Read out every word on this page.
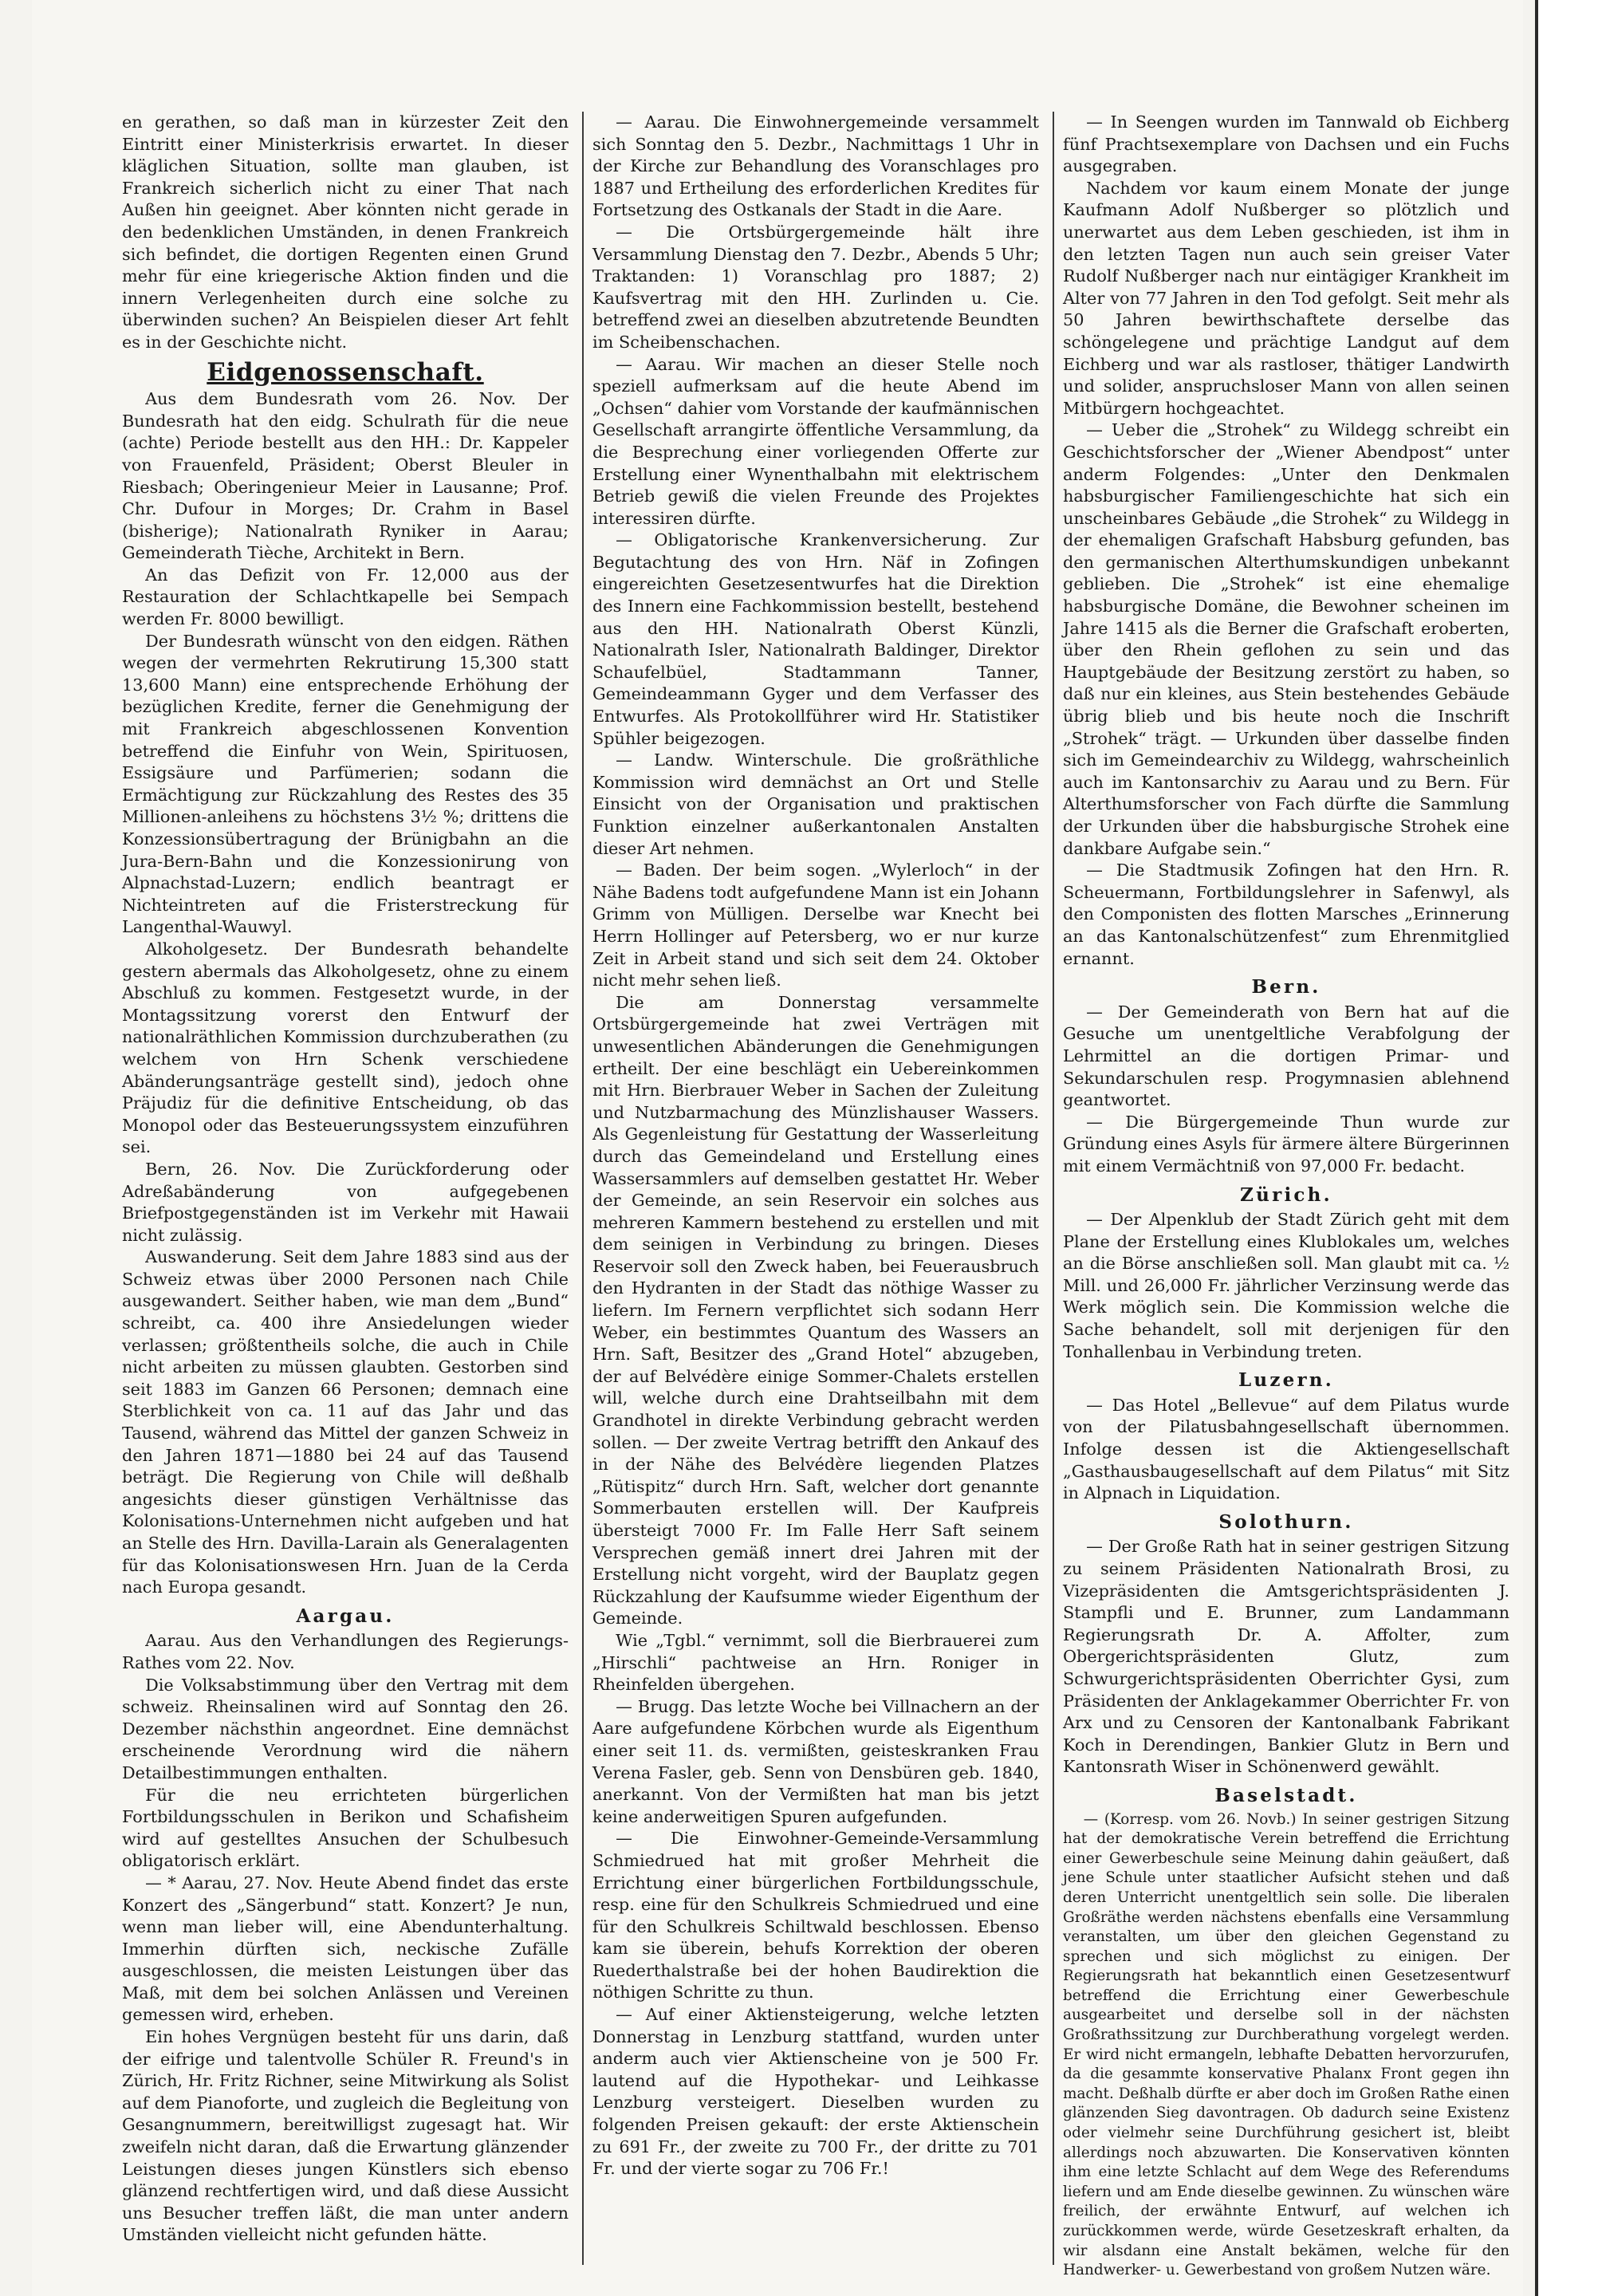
en gerathen, so daß man in kürzester Zeit den Eintritt einer Ministerkrisis erwartet. In dieser kläglichen Situation, sollte man glauben, ist Frankreich sicherlich nicht zu einer That nach Außen hin geeignet. Aber könnten nicht gerade in den bedenklichen Umständen, in denen Frankreich sich befindet, die dortigen Regenten einen Grund mehr für eine kriegerische Aktion finden und die innern Verlegenheiten durch eine solche zu überwinden suchen? An Beispielen dieser Art fehlt es in der Geschichte nicht.

Eidgenossenschaft.

Aus dem Bundesrath vom 26. Nov. Der Bundesrath hat den eidg. Schulrath für die neue (achte) Periode bestellt aus den HH.: Dr. Kappeler von Frauenfeld, Präsident; Oberst Bleuler in Riesbach; Oberingenieur Meier in Lausanne; Prof. Chr. Dufour in Morges; Dr. Crahm in Basel (bisherige); Nationalrath Ryniker in Aarau; Gemeinderath Tièche, Architekt in Bern.

An das Defizit von Fr. 12,000 aus der Restauration der Schlachtkapelle bei Sempach werden Fr. 8000 bewilligt.

Der Bundesrath wünscht von den eidgen. Räthen wegen der vermehrten Rekrutirung 15,300 statt 13,600 Mann) eine entsprechende Erhöhung der bezüglichen Kredite, ferner die Genehmigung der mit Frankreich abgeschlossenen Konvention betreffend die Einfuhr von Wein, Spirituosen, Essigsäure und Parfümerien; sodann die Ermächtigung zur Rückzahlung des Restes des 35 Millionen-anleihens zu höchstens 3½ %; drittens die Konzessionsübertragung der Brünigbahn an die Jura-Bern-Bahn und die Konzessionirung von Alpnachstad-Luzern; endlich beantragt er Nichteintreten auf die Fristerstreckung für Langenthal-Wauwyl.

Alkoholgesetz. Der Bundesrath behandelte gestern abermals das Alkoholgesetz, ohne zu einem Abschluß zu kommen. Festgesetzt wurde, in der Montagssitzung vorerst den Entwurf der nationalräthlichen Kommission durchzuberathen (zu welchem von Hrn Schenk verschiedene Abänderungsanträge gestellt sind), jedoch ohne Präjudiz für die definitive Entscheidung, ob das Monopol oder das Besteuerungssystem einzuführen sei.

Bern, 26. Nov. Die Zurückforderung oder Adreßabänderung von aufgegebenen Briefpostgegenständen ist im Verkehr mit Hawaii nicht zulässig.

Auswanderung. Seit dem Jahre 1883 sind aus der Schweiz etwas über 2000 Personen nach Chile ausgewandert. Seither haben, wie man dem „Bund“ schreibt, ca. 400 ihre Ansiedelungen wieder verlassen; größtentheils solche, die auch in Chile nicht arbeiten zu müssen glaubten. Gestorben sind seit 1883 im Ganzen 66 Personen; demnach eine Sterblichkeit von ca. 11 auf das Jahr und das Tausend, während das Mittel der ganzen Schweiz in den Jahren 1871—1880 bei 24 auf das Tausend beträgt. Die Regierung von Chile will deßhalb angesichts dieser günstigen Verhältnisse das Kolonisations-Unternehmen nicht aufgeben und hat an Stelle des Hrn. Davilla-Larain als Generalagenten für das Kolonisationswesen Hrn. Juan de la Cerda nach Europa gesandt.

Aargau.

Aarau. Aus den Verhandlungen des Regierungs-Rathes vom 22. Nov.

Die Volksabstimmung über den Vertrag mit dem schweiz. Rheinsalinen wird auf Sonntag den 26. Dezember nächsthin angeordnet. Eine demnächst erscheinende Verordnung wird die nähern Detailbestimmungen enthalten.

Für die neu errichteten bürgerlichen Fortbildungsschulen in Berikon und Schafisheim wird auf gestelltes Ansuchen der Schulbesuch obligatorisch erklärt.

— * Aarau, 27. Nov. Heute Abend findet das erste Konzert des „Sängerbund“ statt. Konzert? Je nun, wenn man lieber will, eine Abendunterhaltung. Immerhin dürften sich, neckische Zufälle ausgeschlossen, die meisten Leistungen über das Maß, mit dem bei solchen Anlässen und Vereinen gemessen wird, erheben.

Ein hohes Vergnügen besteht für uns darin, daß der eifrige und talentvolle Schüler R. Freund's in Zürich, Hr. Fritz Richner, seine Mitwirkung als Solist auf dem Pianoforte, und zugleich die Begleitung von Gesangnummern, bereitwilligst zugesagt hat. Wir zweifeln nicht daran, daß die Erwartung glänzender Leistungen dieses jungen Künstlers sich ebenso glänzend rechtfertigen wird, und daß diese Aussicht uns Besucher treffen läßt, die man unter andern Umständen vielleicht nicht gefunden hätte.

— Aarau. Die Einwohnergemeinde versammelt sich Sonntag den 5. Dezbr., Nachmittags 1 Uhr in der Kirche zur Behandlung des Voranschlages pro 1887 und Ertheilung des erforderlichen Kredites für Fortsetzung des Ostkanals der Stadt in die Aare.

— Die Ortsbürgergemeinde hält ihre Versammlung Dienstag den 7. Dezbr., Abends 5 Uhr; Traktanden: 1) Voranschlag pro 1887; 2) Kaufsvertrag mit den HH. Zurlinden u. Cie. betreffend zwei an dieselben abzutretende Beundten im Scheibenschachen.

— Aarau. Wir machen an dieser Stelle noch speziell aufmerksam auf die heute Abend im „Ochsen“ dahier vom Vorstande der kaufmännischen Gesellschaft arrangirte öffentliche Versammlung, da die Besprechung einer vorliegenden Offerte zur Erstellung einer Wynenthalbahn mit elektrischem Betrieb gewiß die vielen Freunde des Projektes interessiren dürfte.

— Obligatorische Krankenversicherung. Zur Begutachtung des von Hrn. Näf in Zofingen eingereichten Gesetzesentwurfes hat die Direktion des Innern eine Fachkommission bestellt, bestehend aus den HH. Nationalrath Oberst Künzli, Nationalrath Isler, Nationalrath Baldinger, Direktor Schaufelbüel, Stadtammann Tanner, Gemeindeammann Gyger und dem Verfasser des Entwurfes. Als Protokollführer wird Hr. Statistiker Spühler beigezogen.

— Landw. Winterschule. Die großräthliche Kommission wird demnächst an Ort und Stelle Einsicht von der Organisation und praktischen Funktion einzelner außerkantonalen Anstalten dieser Art nehmen.

— Baden. Der beim sogen. „Wylerloch“ in der Nähe Badens todt aufgefundene Mann ist ein Johann Grimm von Mülligen. Derselbe war Knecht bei Herrn Hollinger auf Petersberg, wo er nur kurze Zeit in Arbeit stand und sich seit dem 24. Oktober nicht mehr sehen ließ.

Die am Donnerstag versammelte Ortsbürgergemeinde hat zwei Verträgen mit unwesentlichen Abänderungen die Genehmigungen ertheilt. Der eine beschlägt ein Uebereinkommen mit Hrn. Bierbrauer Weber in Sachen der Zuleitung und Nutzbarmachung des Münzlishauser Wassers. Als Gegenleistung für Gestattung der Wasserleitung durch das Gemeindeland und Erstellung eines Wassersammlers auf demselben gestattet Hr. Weber der Gemeinde, an sein Reservoir ein solches aus mehreren Kammern bestehend zu erstellen und mit dem seinigen in Verbindung zu bringen. Dieses Reservoir soll den Zweck haben, bei Feuerausbruch den Hydranten in der Stadt das nöthige Wasser zu liefern. Im Fernern verpflichtet sich sodann Herr Weber, ein bestimmtes Quantum des Wassers an Hrn. Saft, Besitzer des „Grand Hotel“ abzugeben, der auf Belvédère einige Sommer-Chalets erstellen will, welche durch eine Drahtseilbahn mit dem Grandhotel in direkte Verbindung gebracht werden sollen. — Der zweite Vertrag betrifft den Ankauf des in der Nähe des Belvédère liegenden Platzes „Rütispitz“ durch Hrn. Saft, welcher dort genannte Sommerbauten erstellen will. Der Kaufpreis übersteigt 7000 Fr. Im Falle Herr Saft seinem Versprechen gemäß innert drei Jahren mit der Erstellung nicht vorgeht, wird der Bauplatz gegen Rückzahlung der Kaufsumme wieder Eigenthum der Gemeinde.

Wie „Tgbl.“ vernimmt, soll die Bierbrauerei zum „Hirschli“ pachtweise an Hrn. Roniger in Rheinfelden übergehen.

— Brugg. Das letzte Woche bei Villnachern an der Aare aufgefundene Körbchen wurde als Eigenthum einer seit 11. ds. vermißten, geisteskranken Frau Verena Fasler, geb. Senn von Densbüren geb. 1840, anerkannt. Von der Vermißten hat man bis jetzt keine anderweitigen Spuren aufgefunden.

— Die Einwohner-Gemeinde-Versammlung Schmiedrued hat mit großer Mehrheit die Errichtung einer bürgerlichen Fortbildungsschule, resp. eine für den Schulkreis Schmiedrued und eine für den Schulkreis Schiltwald beschlossen. Ebenso kam sie überein, behufs Korrektion der oberen Ruederthalstraße bei der hohen Baudirektion die nöthigen Schritte zu thun.

— Auf einer Aktiensteigerung, welche letzten Donnerstag in Lenzburg stattfand, wurden unter anderm auch vier Aktienscheine von je 500 Fr. lautend auf die Hypothekar- und Leihkasse Lenzburg versteigert. Dieselben wurden zu folgenden Preisen gekauft: der erste Aktienschein zu 691 Fr., der zweite zu 700 Fr., der dritte zu 701 Fr. und der vierte sogar zu 706 Fr.!

— In Seengen wurden im Tannwald ob Eichberg fünf Prachtsexemplare von Dachsen und ein Fuchs ausgegraben.

Nachdem vor kaum einem Monate der junge Kaufmann Adolf Nußberger so plötzlich und unerwartet aus dem Leben geschieden, ist ihm in den letzten Tagen nun auch sein greiser Vater Rudolf Nußberger nach nur eintägiger Krankheit im Alter von 77 Jahren in den Tod gefolgt. Seit mehr als 50 Jahren bewirthschaftete derselbe das schöngelegene und prächtige Landgut auf dem Eichberg und war als rastloser, thätiger Landwirth und solider, anspruchsloser Mann von allen seinen Mitbürgern hochgeachtet.

— Ueber die „Strohek“ zu Wildegg schreibt ein Geschichtsforscher der „Wiener Abendpost“ unter anderm Folgendes: „Unter den Denkmalen habsburgischer Familiengeschichte hat sich ein unscheinbares Gebäude „die Strohek“ zu Wildegg in der ehemaligen Grafschaft Habsburg gefunden, bas den germanischen Alterthumskundigen unbekannt geblieben. Die „Strohek“ ist eine ehemalige habsburgische Domäne, die Bewohner scheinen im Jahre 1415 als die Berner die Grafschaft eroberten, über den Rhein geflohen zu sein und das Hauptgebäude der Besitzung zerstört zu haben, so daß nur ein kleines, aus Stein bestehendes Gebäude übrig blieb und bis heute noch die Inschrift „Strohek“ trägt. — Urkunden über dasselbe finden sich im Gemeindearchiv zu Wildegg, wahrscheinlich auch im Kantonsarchiv zu Aarau und zu Bern. Für Alterthumsforscher von Fach dürfte die Sammlung der Urkunden über die habsburgische Strohek eine dankbare Aufgabe sein.“

— Die Stadtmusik Zofingen hat den Hrn. R. Scheuermann, Fortbildungslehrer in Safenwyl, als den Componisten des flotten Marsches „Erinnerung an das Kantonalschützenfest“ zum Ehrenmitglied ernannt.

Bern.

— Der Gemeinderath von Bern hat auf die Gesuche um unentgeltliche Verabfolgung der Lehrmittel an die dortigen Primar- und Sekundarschulen resp. Progymnasien ablehnend geantwortet.

— Die Bürgergemeinde Thun wurde zur Gründung eines Asyls für ärmere ältere Bürgerinnen mit einem Vermächtniß von 97,000 Fr. bedacht.

Zürich.

— Der Alpenklub der Stadt Zürich geht mit dem Plane der Erstellung eines Klublokales um, welches an die Börse anschließen soll. Man glaubt mit ca. ½ Mill. und 26,000 Fr. jährlicher Verzinsung werde das Werk möglich sein. Die Kommission welche die Sache behandelt, soll mit derjenigen für den Tonhallenbau in Verbindung treten.

Luzern.

— Das Hotel „Bellevue“ auf dem Pilatus wurde von der Pilatusbahngesellschaft übernommen. Infolge dessen ist die Aktiengesellschaft „Gasthausbaugesellschaft auf dem Pilatus“ mit Sitz in Alpnach in Liquidation.

Solothurn.

— Der Große Rath hat in seiner gestrigen Sitzung zu seinem Präsidenten Nationalrath Brosi, zu Vizepräsidenten die Amtsgerichtspräsidenten J. Stampfli und E. Brunner, zum Landammann Regierungsrath Dr. A. Affolter, zum Obergerichtspräsidenten Glutz, zum Schwurgerichtspräsidenten Oberrichter Gysi, zum Präsidenten der Anklagekammer Oberrichter Fr. von Arx und zu Censoren der Kantonalbank Fabrikant Koch in Derendingen, Bankier Glutz in Bern und Kantonsrath Wiser in Schönenwerd gewählt.

Baselstadt.

— (Korresp. vom 26. Novb.) In seiner gestrigen Sitzung hat der demokratische Verein betreffend die Errichtung einer Gewerbeschule seine Meinung dahin geäußert, daß jene Schule unter staatlicher Aufsicht stehen und daß deren Unterricht unentgeltlich sein solle. Die liberalen Großräthe werden nächstens ebenfalls eine Versammlung veranstalten, um über den gleichen Gegenstand zu sprechen und sich möglichst zu einigen. Der Regierungsrath hat bekanntlich einen Gesetzesentwurf betreffend die Errichtung einer Gewerbeschule ausgearbeitet und derselbe soll in der nächsten Großrathssitzung zur Durchberathung vorgelegt werden. Er wird nicht ermangeln, lebhafte Debatten hervorzurufen, da die gesammte konservative Phalanx Front gegen ihn macht. Deßhalb dürfte er aber doch im Großen Rathe einen glänzenden Sieg davontragen. Ob dadurch seine Existenz oder vielmehr seine Durchführung gesichert ist, bleibt allerdings noch abzuwarten. Die Konservativen könnten ihm eine letzte Schlacht auf dem Wege des Referendums liefern und am Ende dieselbe gewinnen. Zu wünschen wäre freilich, der erwähnte Entwurf, auf welchen ich zurückkommen werde, würde Gesetzeskraft erhalten, da wir alsdann eine Anstalt bekämen, welche für den Handwerker- u. Gewerbestand von großem Nutzen wäre.
